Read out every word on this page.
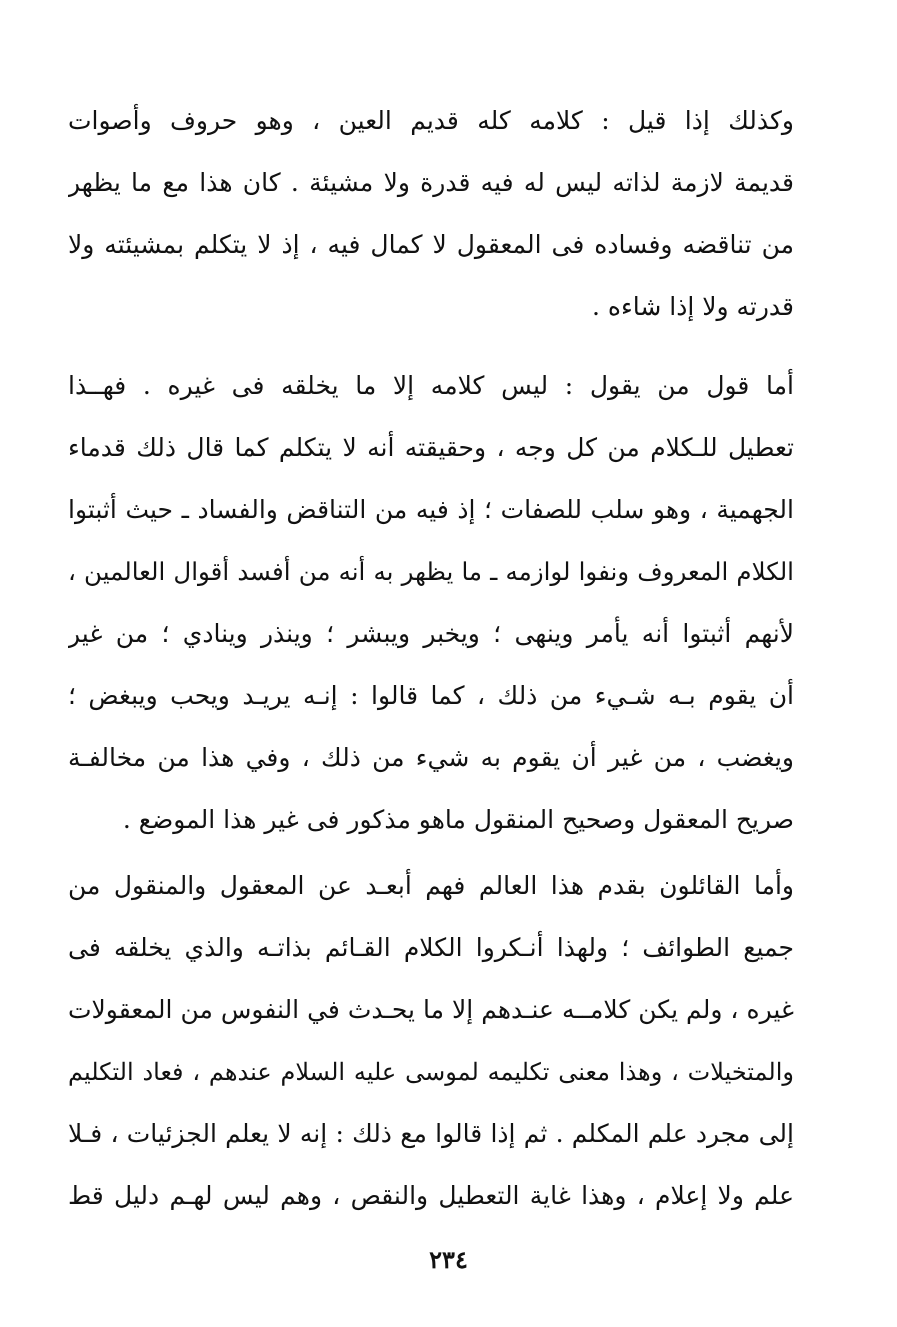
وكذلك إذا قيل : كلامه كله قديم العين ، وهو حروف وأصوات
قديمة لازمة لذاته ليس له فيه قدرة ولا مشيئة . كان هذا مع ما يظهر
من تناقضه وفساده فى المعقول لا كمال فيه ، إذ لا يتكلم بمشيئته ولا
قدرته ولا إذا شاءه .
أما قول من يقول : ليس كلامه إلا ما يخلقه فى غيره . فهــذا
تعطيل للـكلام من كل وجه ، وحقيقته أنه لا يتكلم كما قال ذلك قدماء
الجهمية ، وهو سلب للصفات ؛ إذ فيه من التناقض والفساد ـ حيث أثبتوا
الكلام المعروف ونفوا لوازمه ـ ما يظهر به أنه من أفسد أقوال العالمين ،
لأنهم أثبتوا أنه يأمر وينهى ؛ ويخبر ويبشر ؛ وينذر وينادي ؛ من غير
أن يقوم بـه شـيء من ذلك ، كما قالوا : إنـه يريـد ويحب ويبغض ؛
ويغضب ، من غير أن يقوم به شيء من ذلك ، وفي هذا من مخالفـة
صريح المعقول وصحيح المنقول ماهو مذكور فى غير هذا الموضع .
وأما القائلون بقدم هذا العالم فهم أبعـد عن المعقول والمنقول من
جميع الطوائف ؛ ولهذا أنـكروا الكلام القـائم بذاتـه والذي يخلقه فى
غيره ، ولم يكن كلامــه عنـدهم إلا ما يحـدث في النفوس من المعقولات
والمتخيلات ، وهذا معنى تكليمه لموسى عليه السلام عندهم ، فعاد التكليم
إلى مجرد علم المكلم . ثم إذا قالوا مع ذلك : إنه لا يعلم الجزئيات ، فـلا
علم ولا إعلام ، وهذا غاية التعطيل والنقص ، وهم ليس لهـم دليل قط
٢٣٤
